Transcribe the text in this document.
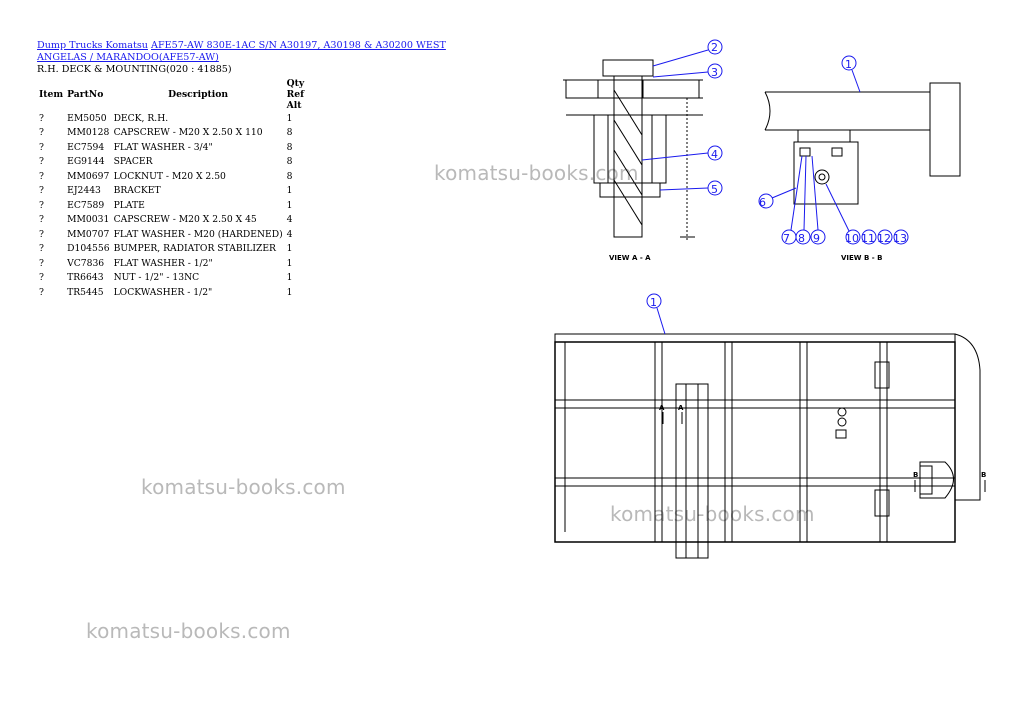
Dump Trucks Komatsu AFE57-AW 830E-1AC S/N A30197, A30198 & A30200 WEST ANGELAS / MARANDOO(AFE57-AW)
R.H. DECK & MOUNTING(020 : 41885)
Item	PartNo	Description	Qty Ref Alt
?	EM5050	DECK, R.H.	1
?	MM0128	CAPSCREW - M20 X 2.50 X 110	8
?	EC7594	FLAT WASHER - 3/4"	8
?	EG9144	SPACER	8
?	MM0697	LOCKNUT - M20 X 2.50	8
?	EJ2443	BRACKET	1
?	EC7589	PLATE	1
?	MM0031	CAPSCREW - M20 X 2.50 X 45	4
?	MM0707	FLAT WASHER - M20 (HARDENED)	4
?	D104556	BUMPER, RADIATOR STABILIZER	1
?	VC7836	FLAT WASHER - 1/2"	1
?	TR6643	NUT - 1/2" - 13NC	1
?	TR5445	LOCKWASHER - 1/2"	1
komatsu-books.com
komatsu-books.com
komatsu-books.com
komatsu-books.com
2
3
4
5
1
6
7 8 9 10 11 12 13
1
A A
B	B
VIEW A - A	VIEW B - B
